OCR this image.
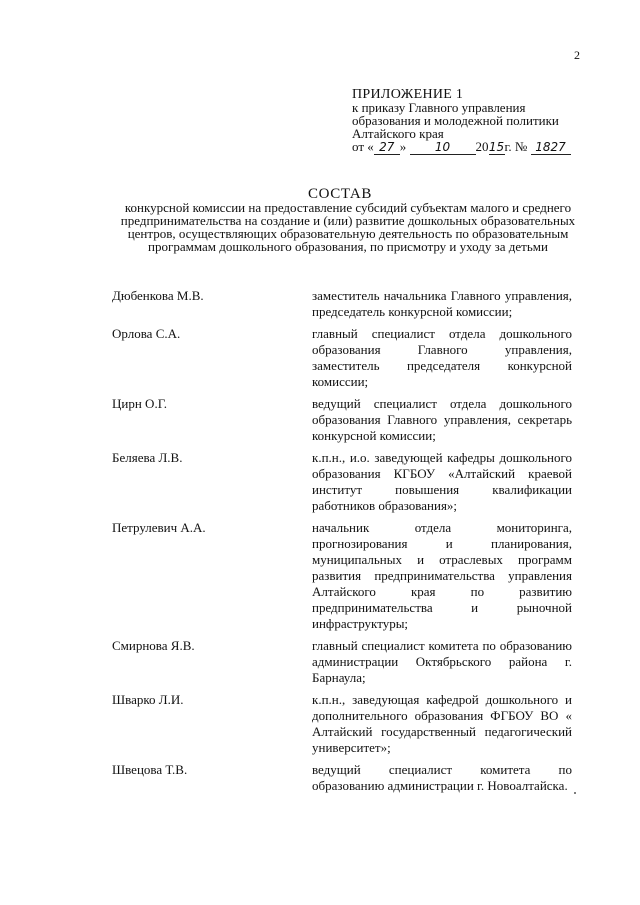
2
ПРИЛОЖЕНИЕ 1
к приказу Главного управления
образования и молодежной политики
Алтайского края
от « 27 » 10 2015г. № 1827
СОСТАВ
конкурсной комиссии на предоставление субсидий субъектам малого и среднего предпринимательства на создание и (или) развитие дошкольных образовательных центров, осуществляющих образовательную деятельность по образовательным программам дошкольного образования, по присмотру и уходу за детьми
Дюбенкова М.В.	заместитель начальника Главного управления, председатель конкурсной комиссии;
Орлова С.А.	главный специалист отдела дошкольного образования Главного управления, заместитель председателя конкурсной комиссии;
Цирн О.Г.	ведущий специалист отдела дошкольного образования Главного управления, секретарь конкурсной комиссии;
Беляева Л.В.	к.п.н., и.о. заведующей кафедры дошкольного образования КГБОУ «Алтайский краевой институт повышения квалификации работников образования»;
Петрулевич А.А.	начальник отдела мониторинга, прогнозирования и планирования, муниципальных и отраслевых программ развития предпринимательства управления Алтайского края по развитию предпринимательства и рыночной инфраструктуры;
Смирнова Я.В.	главный специалист комитета по образованию администрации Октябрьского района г. Барнаула;
Шварко Л.И.	к.п.н., заведующая кафедрой дошкольного и дополнительного образования ФГБОУ ВО « Алтайский государственный педагогический университет»;
Швецова Т.В.	ведущий специалист комитета по образованию администрации г. Новоалтайска.
